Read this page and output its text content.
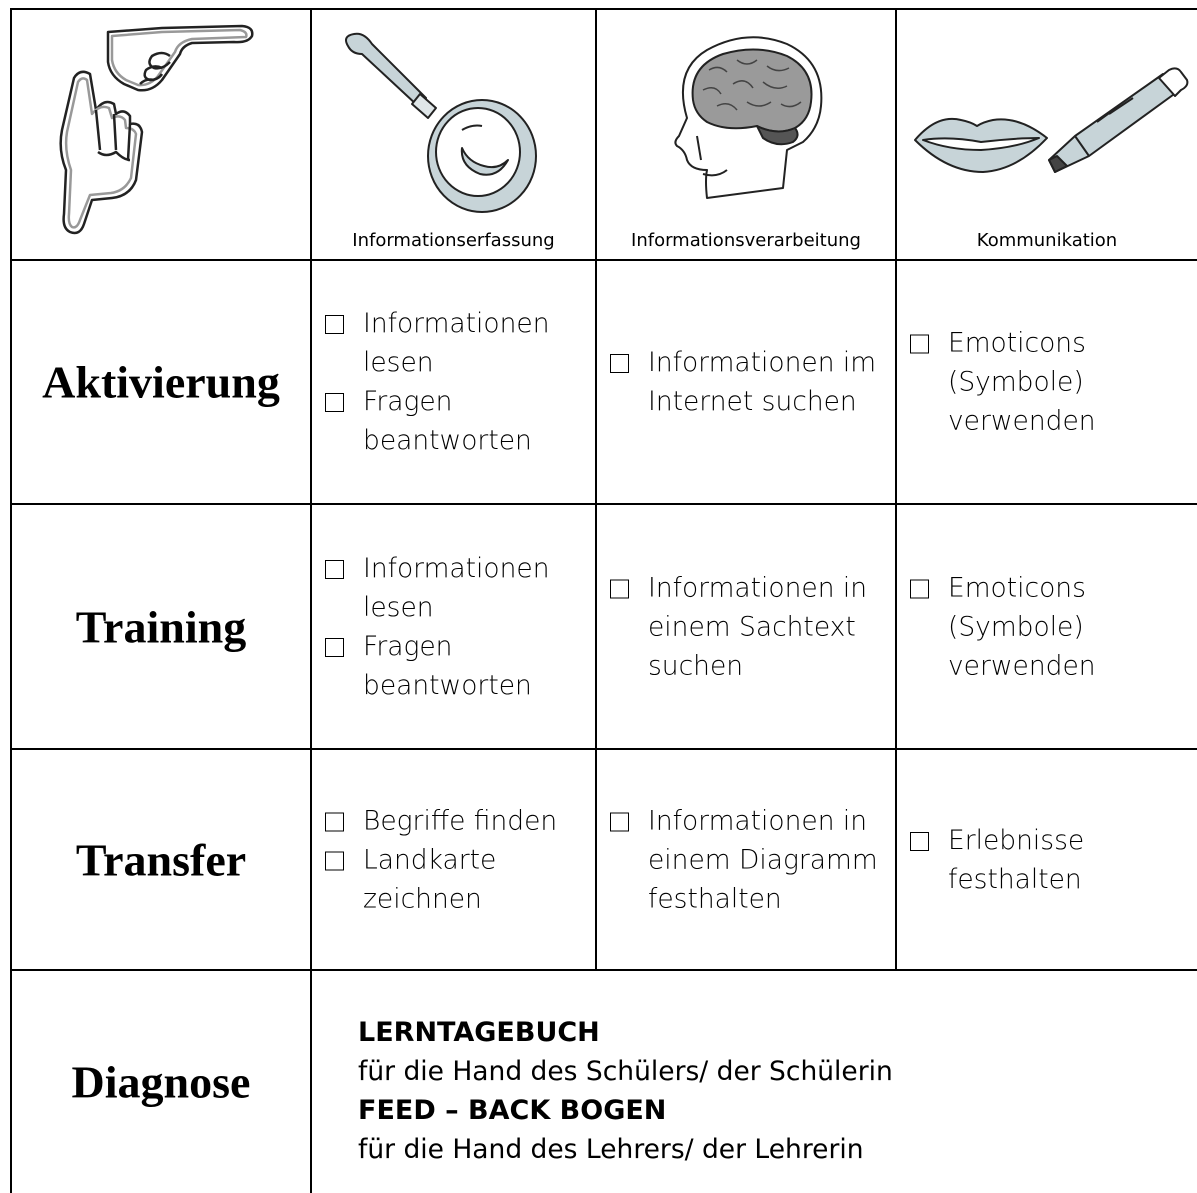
Informationserfassung	Informationsverarbeitung	Kommunikation
Aktivierung
Informationen lesen
Fragen beantworten
Informationen im Internet suchen
Emoticons (Symbole) verwenden
Training
Informationen lesen
Fragen beantworten
Informationen in einem Sachtext suchen
Emoticons (Symbole) verwenden
Transfer
Begriffe finden
Landkarte zeichnen
Informationen in einem Diagramm festhalten
Erlebnisse festhalten
Diagnose
LERNTAGEBUCH
für die Hand des Schülers/ der Schülerin
FEED – BACK BOGEN
für die Hand des Lehrers/ der Lehrerin
